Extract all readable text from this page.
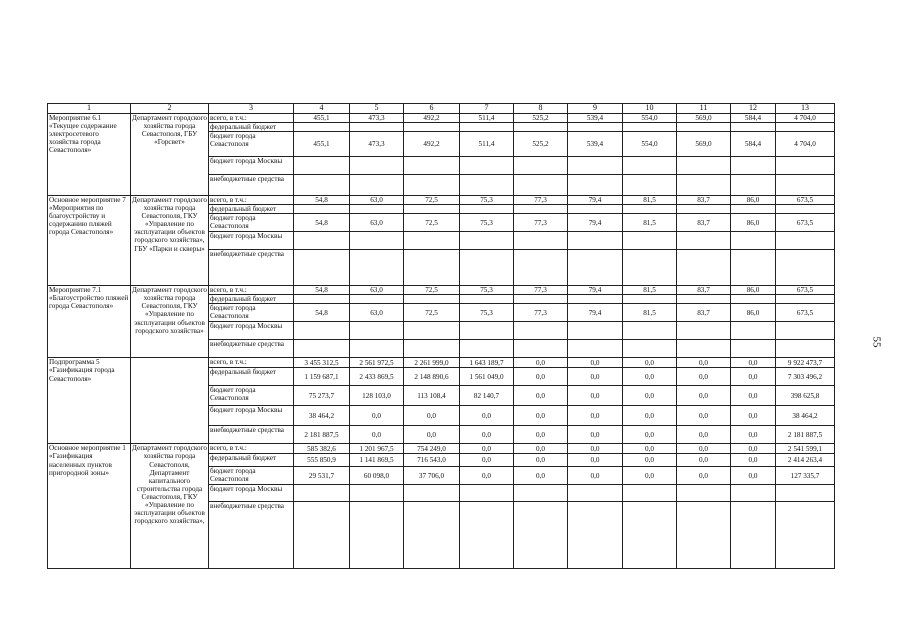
1	2	3	4	5	6	7	8	9	10	11	12	13
Мероприятие 6.1 «Текущее содержание электросетевого хозяйства города Севастополя»	Департамент городского хозяйства города Севастополя, ГБУ «Горсвет»	всего, в т.ч.:	455,1	473,3	492,2	511,4	525,2	539,4	554,0	569,0	584,4	4 704,0
		федеральный бюджет										
		бюджет города Севастополя	455,1	473,3	492,2	511,4	525,2	539,4	554,0	569,0	584,4	4 704,0
		бюджет города Москвы										
		внебюджетные средства										
Основное мероприятие 7 «Мероприятия по благоустройству и содержанию пляжей города Севастополя»	Департамент городского хозяйства города Севастополя, ГКУ «Управление по эксплуатации объектов городского хозяйства», ГБУ «Парки и скверы»	всего, в т.ч.:	54,8	63,0	72,5	75,3	77,3	79,4	81,5	83,7	86,0	673,5
		федеральный бюджет										
		бюджет города Севастополя	54,8	63,0	72,5	75,3	77,3	79,4	81,5	83,7	86,0	673,5
		бюджет города Москвы										
		внебюджетные средства										
Мероприятие 7.1 «Благоустройство пляжей города Севастополя»	Департамент городского хозяйства города Севастополя, ГКУ «Управление по эксплуатации объектов городского хозяйства»	всего, в т.ч.:	54,8	63,0	72,5	75,3	77,3	79,4	81,5	83,7	86,0	673,5
		федеральный бюджет										
		бюджет города Севастополя	54,8	63,0	72,5	75,3	77,3	79,4	81,5	83,7	86,0	673,5
		бюджет города Москвы										
		внебюджетные средства										
Подпрограмма 5 «Газификация города Севастополя»		всего, в т.ч.:	3 455 312,5	2 561 972,5	2 261 999,0	1 643 189,7	0,0	0,0	0,0	0,0	0,0	9 922 473,7
		федеральный бюджет	1 159 687,1	2 433 869,5	2 148 890,6	1 561 049,0	0,0	0,0	0,0	0,0	0,0	7 303 496,2
		бюджет города Севастополя	75 273,7	128 103,0	113 108,4	82 140,7	0,0	0,0	0,0	0,0	0,0	398 625,8
		бюджет города Москвы	38 464,2	0,0	0,0	0,0	0,0	0,0	0,0	0,0	0,0	38 464,2
		внебюджетные средства	2 181 887,5	0,0	0,0	0,0	0,0	0,0	0,0	0,0	0,0	2 181 887,5
Основное мероприятие 1 «Газификация населенных пунктов пригородной зоны»	Департамент городского хозяйства города Севастополя, Департамент капитального строительства города Севастополя, ГКУ «Управление по эксплуатации объектов городского хозяйства»,	всего, в т.ч.:	585 382,6	1 201 967,5	754 249,0	0,0	0,0	0,0	0,0	0,0	0,0	2 541 599,1
		федеральный бюджет	555 850,9	1 141 869,5	716 543,0	0,0	0,0	0,0	0,0	0,0	0,0	2 414 263,4
		бюджет города Севастополя	29 531,7	60 098,0	37 706,0	0,0	0,0	0,0	0,0	0,0	0,0	127 335,7
		бюджет города Москвы										
		внебюджетные средства										
55
